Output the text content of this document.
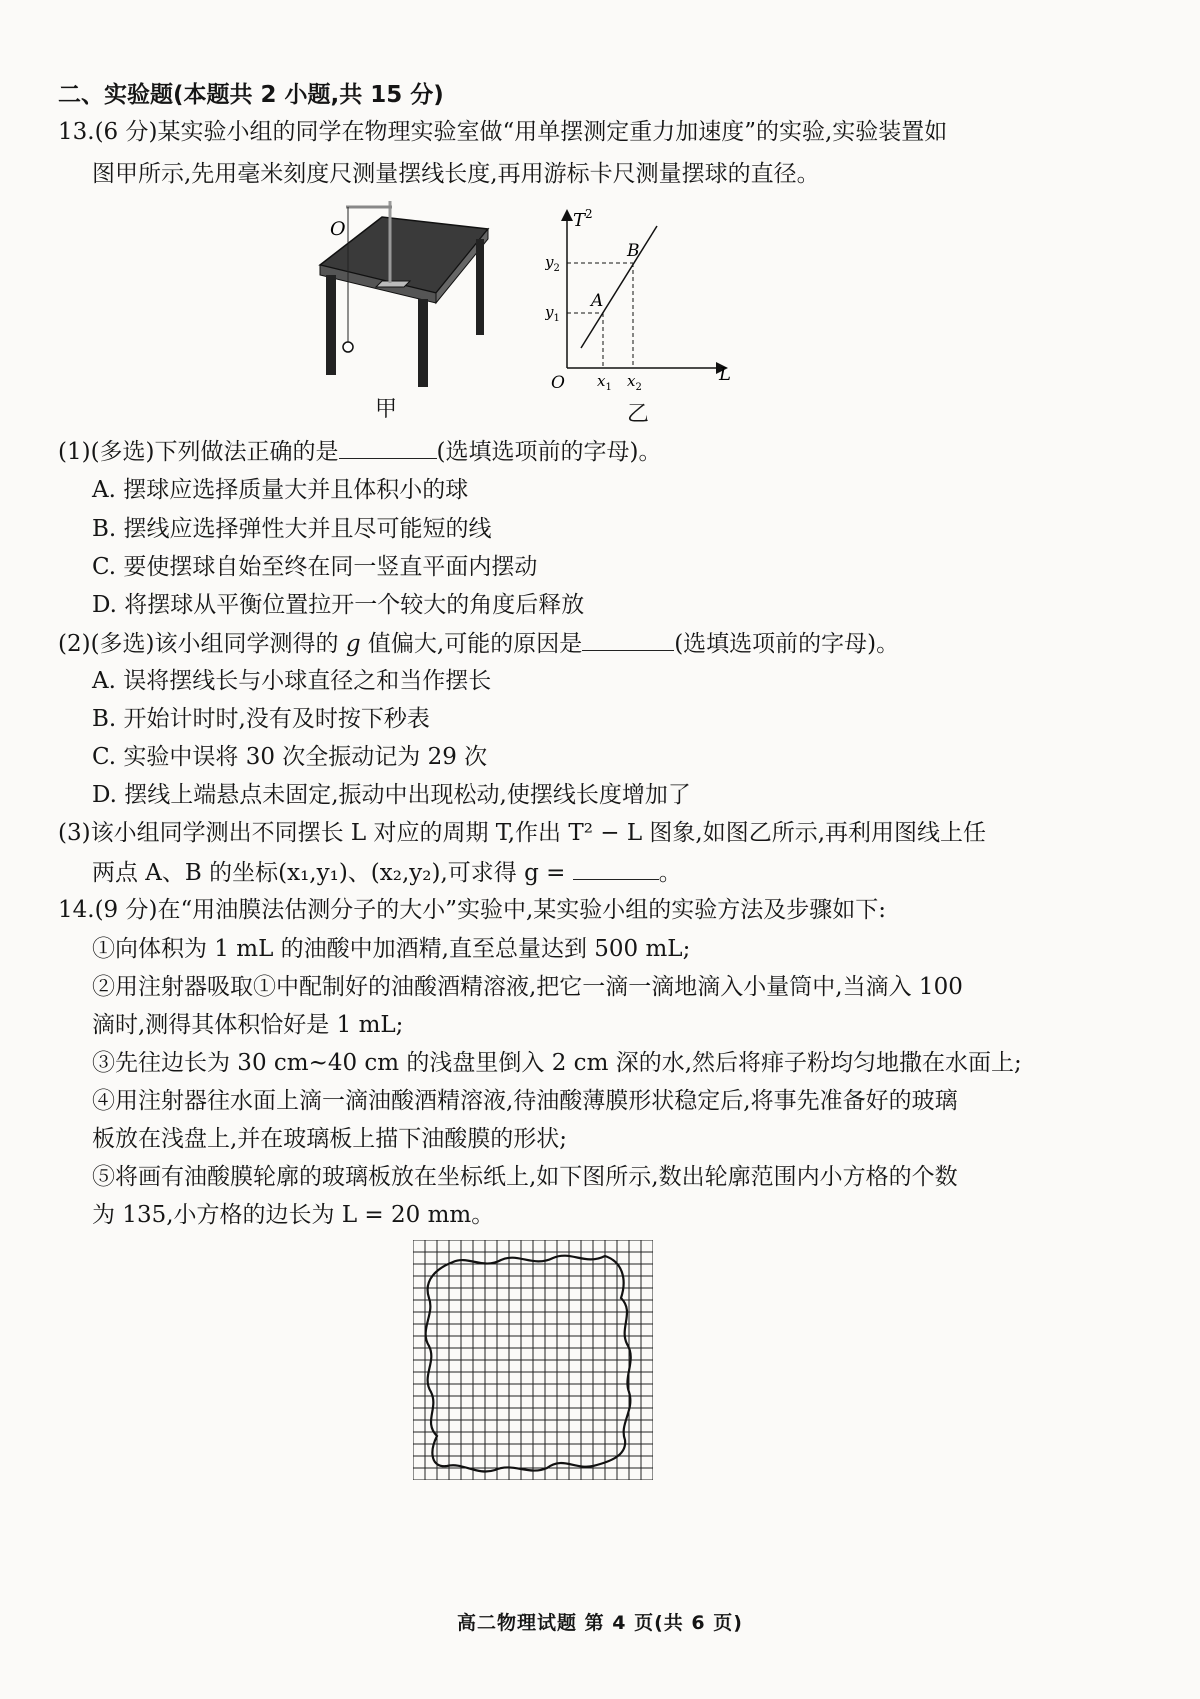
二、实验题(本题共 2 小题,共 15 分)
13.(6 分)某实验小组的同学在物理实验室做“用单摆测定重力加速度”的实验,实验装置如
图甲所示,先用毫米刻度尺测量摆线长度,再用游标卡尺测量摆球的直径。
O
甲
$T^2$
L
O
A
B
$y_1$
$y_2$
$x_1$ $x_2$
乙
(1)(多选)下列做法正确的是	(选填选项前的字母)。
A. 摆球应选择质量大并且体积小的球
B. 摆线应选择弹性大并且尽可能短的线
C. 要使摆球自始至终在同一竖直平面内摆动
D. 将摆球从平衡位置拉开一个较大的角度后释放
(2)(多选)该小组同学测得的 g 值偏大,可能的原因是	(选填选项前的字母)。
A. 误将摆线长与小球直径之和当作摆长
B. 开始计时时,没有及时按下秒表
C. 实验中误将 30 次全振动记为 29 次
D. 摆线上端悬点未固定,振动中出现松动,使摆线长度增加了
(3)该小组同学测出不同摆长 L 对应的周期 T,作出 T² − L 图象,如图乙所示,再利用图线上任
两点 A、B 的坐标(x₁,y₁)、(x₂,y₂),可求得 g =	。
14.(9 分)在“用油膜法估测分子的大小”实验中,某实验小组的实验方法及步骤如下:
①向体积为 1 mL 的油酸中加酒精,直至总量达到 500 mL;
②用注射器吸取①中配制好的油酸酒精溶液,把它一滴一滴地滴入小量筒中,当滴入 100
滴时,测得其体积恰好是 1 mL;
③先往边长为 30 cm~40 cm 的浅盘里倒入 2 cm 深的水,然后将痱子粉均匀地撒在水面上;
④用注射器往水面上滴一滴油酸酒精溶液,待油酸薄膜形状稳定后,将事先准备好的玻璃
板放在浅盘上,并在玻璃板上描下油酸膜的形状;
⑤将画有油酸膜轮廓的玻璃板放在坐标纸上,如下图所示,数出轮廓范围内小方格的个数
为 135,小方格的边长为 L = 20 mm。
高二物理试题 第 4 页(共 6 页)
